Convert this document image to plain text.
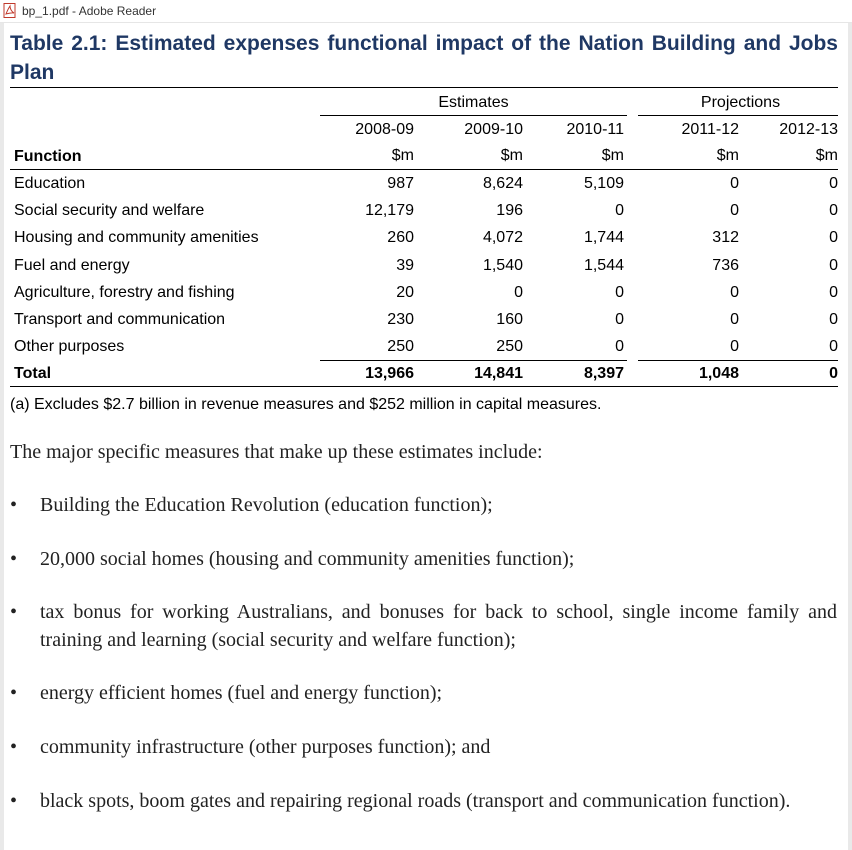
bp_1.pdf - Adobe Reader
Table 2.1: Estimated expenses functional impact of the Nation Building and Jobs Plan
Estimates	Projections
2008-09	2009-10	2010-11	2011-12	2012-13
Function	$m	$m	$m	$m	$m
Education	987	8,624	5,109	0	0
Social security and welfare	12,179	196	0	0	0
Housing and community amenities	260	4,072	1,744	312	0
Fuel and energy	39	1,540	1,544	736	0
Agriculture, forestry and fishing	20	0	0	0	0
Transport and communication	230	160	0	0	0
Other purposes	250	250	0	0	0
Total	13,966	14,841	8,397	1,048	0
(a) Excludes $2.7 billion in revenue measures and $252 million in capital measures.
The major specific measures that make up these estimates include:
• Building the Education Revolution (education function);
• 20,000 social homes (housing and community amenities function);
• tax bonus for working Australians, and bonuses for back to school, single income family and training and learning (social security and welfare function);
• energy efficient homes (fuel and energy function);
• community infrastructure (other purposes function); and
• black spots, boom gates and repairing regional roads (transport and communication function).
